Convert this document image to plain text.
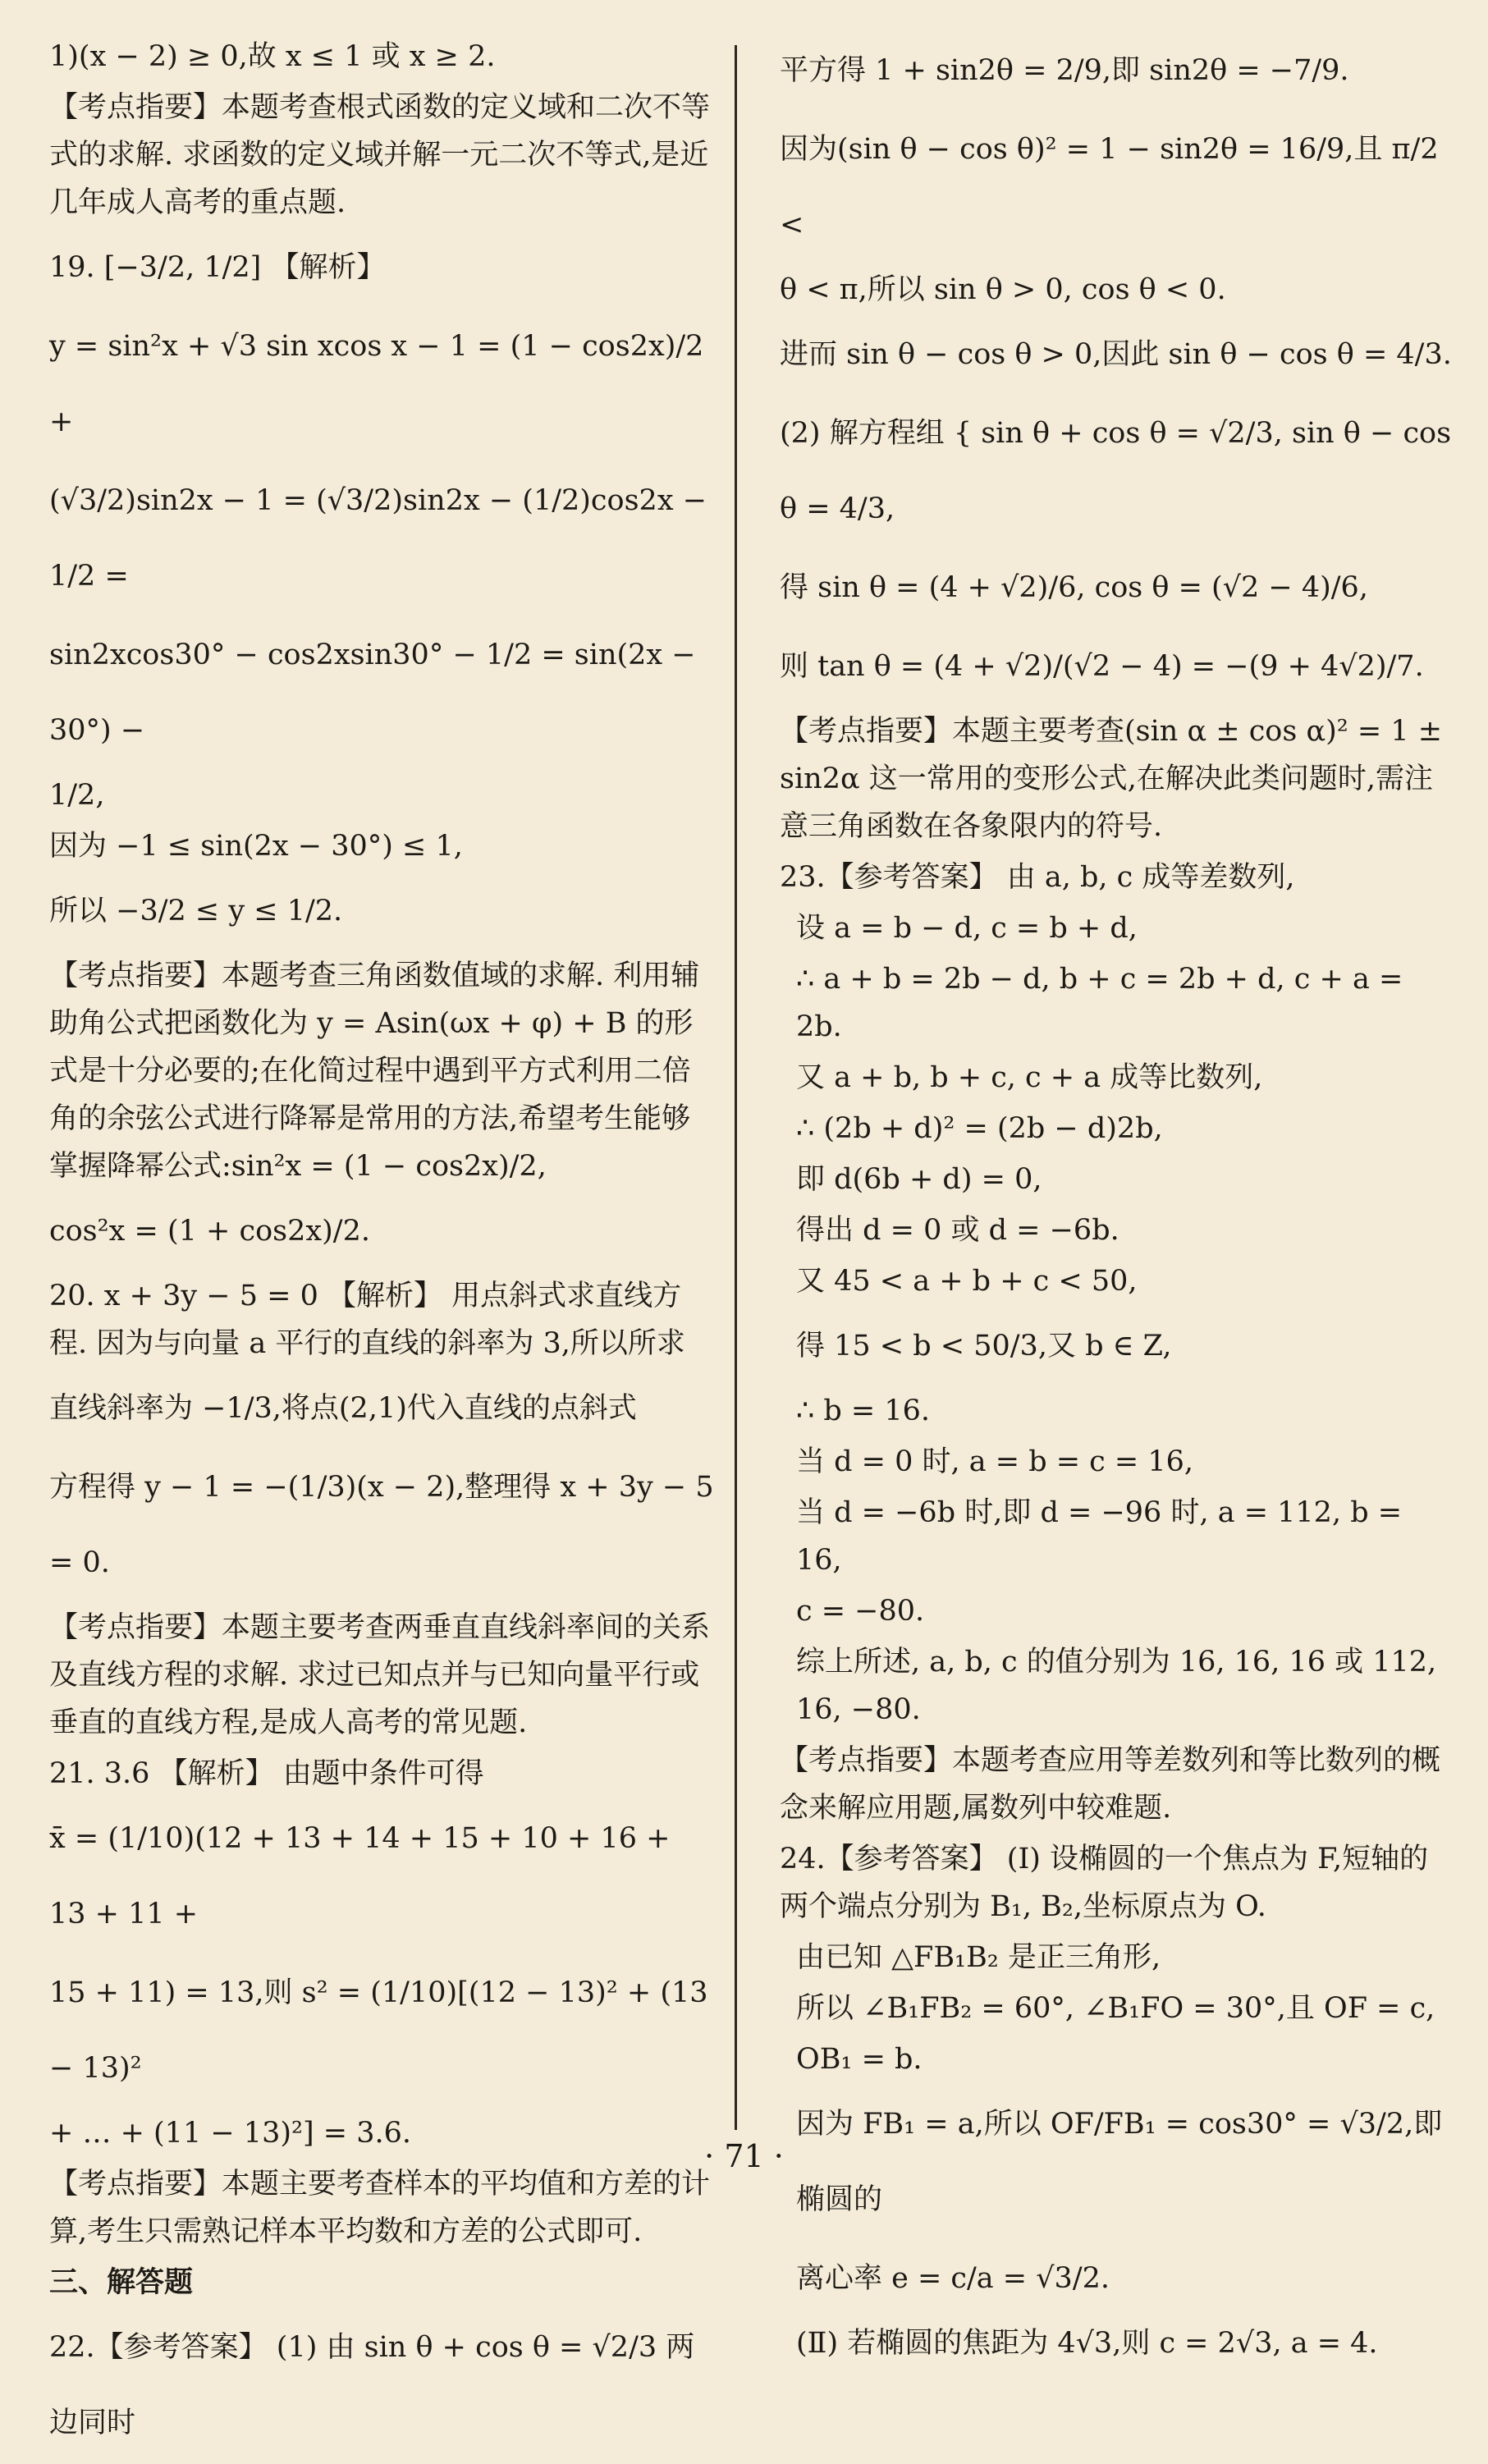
1)(x − 2) ≥ 0,故 x ≤ 1 或 x ≥ 2.

【考点指要】本题考查根式函数的定义域和二次不等式的求解. 求函数的定义域并解一元二次不等式,是近几年成人高考的重点题.

19. [−3/2, 1/2] 【解析】

y = sin²x + √3 sin xcos x − 1 = (1 − cos2x)/2 +

(√3/2)sin2x − 1 = (√3/2)sin2x − (1/2)cos2x − 1/2 =

sin2xcos30° − cos2xsin30° − 1/2 = sin(2x − 30°) −

1/2,

因为 −1 ≤ sin(2x − 30°) ≤ 1,

所以 −3/2 ≤ y ≤ 1/2.

【考点指要】本题考查三角函数值域的求解. 利用辅助角公式把函数化为 y = Asin(ωx + φ) + B 的形式是十分必要的;在化简过程中遇到平方式利用二倍角的余弦公式进行降幂是常用的方法,希望考生能够掌握降幂公式:sin²x = (1 − cos2x)/2,

cos²x = (1 + cos2x)/2.

20. x + 3y − 5 = 0 【解析】 用点斜式求直线方程. 因为与向量 a 平行的直线的斜率为 3,所以所求

直线斜率为 −1/3,将点(2,1)代入直线的点斜式

方程得 y − 1 = −(1/3)(x − 2),整理得 x + 3y − 5 = 0.

【考点指要】本题主要考查两垂直直线斜率间的关系及直线方程的求解. 求过已知点并与已知向量平行或垂直的直线方程,是成人高考的常见题.

21. 3.6 【解析】 由题中条件可得

x̄ = (1/10)(12 + 13 + 14 + 15 + 10 + 16 + 13 + 11 +

15 + 11) = 13,则 s² = (1/10)[(12 − 13)² + (13 − 13)²

+ … + (11 − 13)²] = 3.6.

【考点指要】本题主要考查样本的平均值和方差的计算,考生只需熟记样本平均数和方差的公式即可.

三、解答题

22.【参考答案】 (1) 由 sin θ + cos θ = √2/3 两边同时

平方得 1 + sin2θ = 2/9,即 sin2θ = −7/9.

因为(sin θ − cos θ)² = 1 − sin2θ = 16/9,且 π/2 <

θ < π,所以 sin θ > 0, cos θ < 0.

进而 sin θ − cos θ > 0,因此 sin θ − cos θ = 4/3.

(2) 解方程组 { sin θ + cos θ = √2/3, sin θ − cos θ = 4/3,

得 sin θ = (4 + √2)/6, cos θ = (√2 − 4)/6,

则 tan θ = (4 + √2)/(√2 − 4) = −(9 + 4√2)/7.

【考点指要】本题主要考查(sin α ± cos α)² = 1 ± sin2α 这一常用的变形公式,在解决此类问题时,需注意三角函数在各象限内的符号.

23.【参考答案】 由 a, b, c 成等差数列,

设 a = b − d, c = b + d,

∴ a + b = 2b − d, b + c = 2b + d, c + a = 2b.

又 a + b, b + c, c + a 成等比数列,

∴ (2b + d)² = (2b − d)2b,

即 d(6b + d) = 0,

得出 d = 0 或 d = −6b.

又 45 < a + b + c < 50,

得 15 < b < 50/3,又 b ∈ Z,

∴ b = 16.

当 d = 0 时, a = b = c = 16,

当 d = −6b 时,即 d = −96 时, a = 112, b = 16,

c = −80.

综上所述, a, b, c 的值分别为 16, 16, 16 或 112, 16, −80.

【考点指要】本题考查应用等差数列和等比数列的概念来解应用题,属数列中较难题.

24.【参考答案】 (Ⅰ) 设椭圆的一个焦点为 F,短轴的两个端点分别为 B₁, B₂,坐标原点为 O.

由已知 △FB₁B₂ 是正三角形,

所以 ∠B₁FB₂ = 60°, ∠B₁FO = 30°,且 OF = c,

OB₁ = b.

因为 FB₁ = a,所以 OF/FB₁ = cos30° = √3/2,即椭圆的

离心率 e = c/a = √3/2.

(Ⅱ) 若椭圆的焦距为 4√3,则 c = 2√3, a = 4.

· 71 ·
